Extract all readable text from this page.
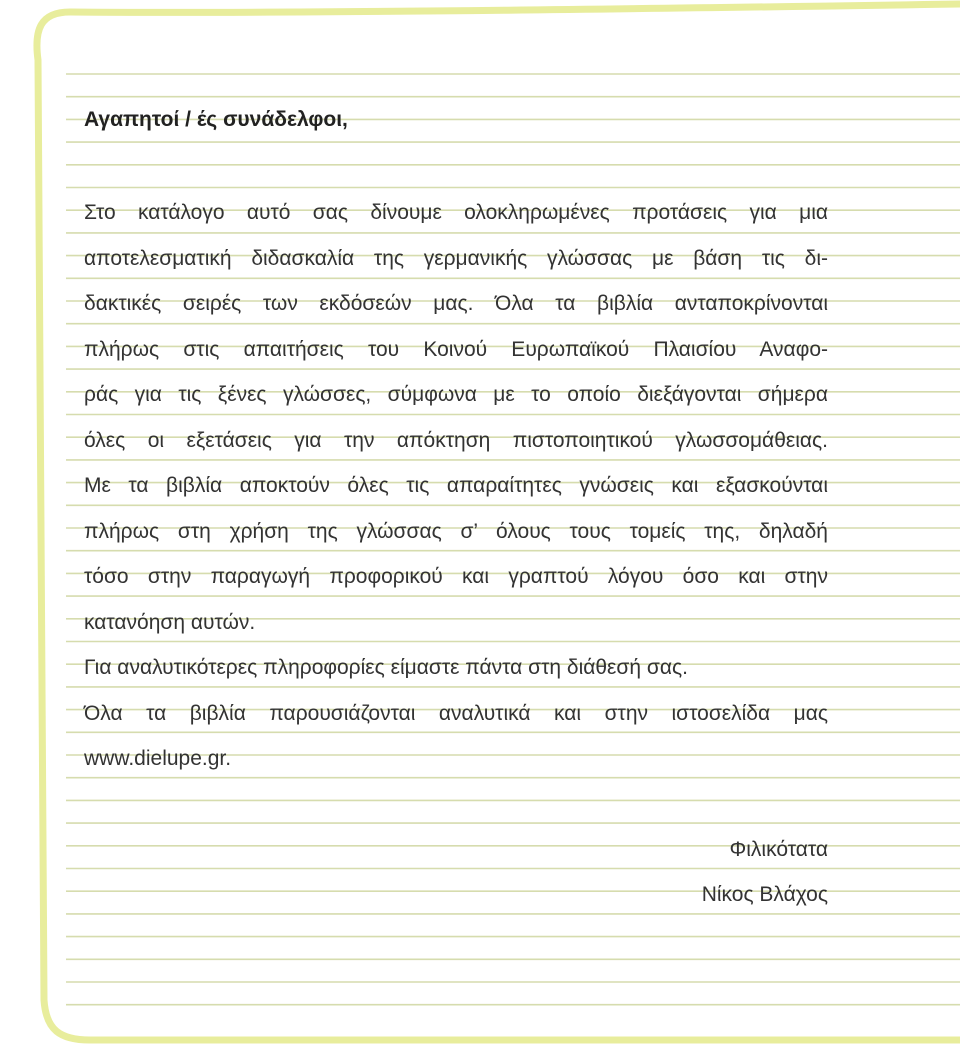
Αγαπητοί / ές συνάδελφοι,
Στο κατάλογο αυτό σας δίνουμε ολοκληρωμένες προτάσεις για μια
αποτελεσματική διδασκαλία της γερμανικής γλώσσας με βάση τις δι-
δακτικές σειρές των εκδόσεών μας. Όλα τα βιβλία ανταποκρίνονται
πλήρως στις απαιτήσεις του Κοινού Ευρωπαϊκού Πλαισίου Αναφο-
ράς για τις ξένες γλώσσες, σύμφωνα με το οποίο διεξάγονται σήμερα
όλες οι εξετάσεις για την απόκτηση πιστοποιητικού γλωσσομάθειας.
Με τα βιβλία αποκτούν όλες τις απαραίτητες γνώσεις και εξασκούνται
πλήρως στη χρήση της γλώσσας σ’ όλους τους τομείς της, δηλαδή
τόσο στην παραγωγή προφορικού και γραπτού λόγου όσο και στην
κατανόηση αυτών.
Για αναλυτικότερες πληροφορίες είμαστε πάντα στη διάθεσή σας.
Όλα τα βιβλία παρουσιάζονται αναλυτικά και στην ιστοσελίδα μας
www.dielupe.gr.
Φιλικότατα
Νίκος Βλάχος
